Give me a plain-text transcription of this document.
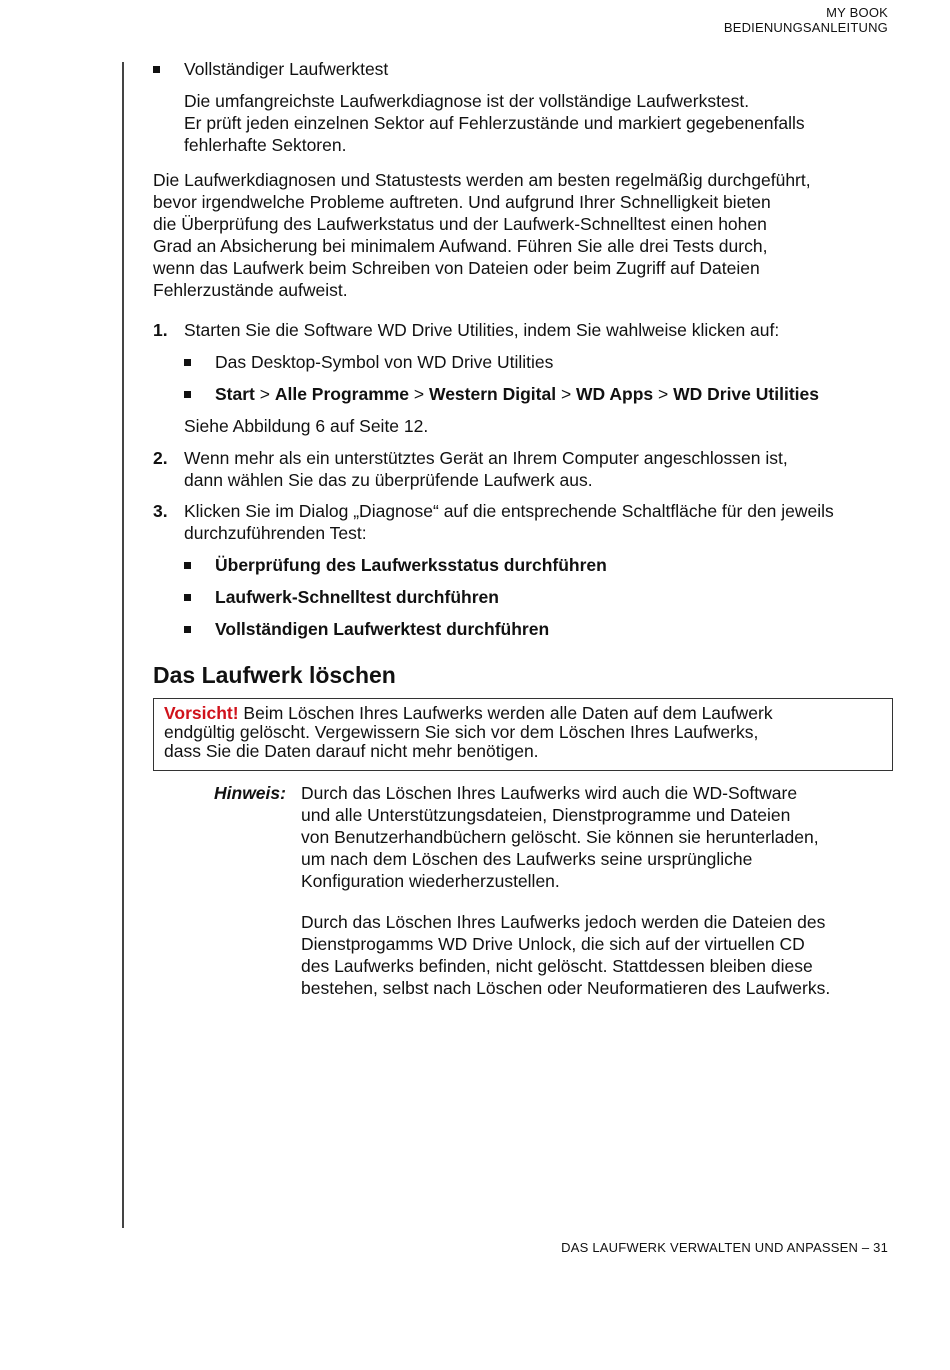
MY BOOK
BEDIENUNGSANLEITUNG

Vollständiger Laufwerktest

Die umfangreichste Laufwerkdiagnose ist der vollständige Laufwerkstest.

Er prüft jeden einzelnen Sektor auf Fehlerzustände und markiert gegebenenfalls

fehlerhafte Sektoren.

Die Laufwerkdiagnosen und Statustests werden am besten regelmäßig durchgeführt,

bevor irgendwelche Probleme auftreten. Und aufgrund Ihrer Schnelligkeit bieten

die Überprüfung des Laufwerkstatus und der Laufwerk-Schnelltest einen hohen

Grad an Absicherung bei minimalem Aufwand. Führen Sie alle drei Tests durch,

wenn das Laufwerk beim Schreiben von Dateien oder beim Zugriff auf Dateien

Fehlerzustände aufweist.

1. Starten Sie die Software WD Drive Utilities, indem Sie wahlweise klicken auf:

Das Desktop-Symbol von WD Drive Utilities

Start > Alle Programme > Western Digital > WD Apps > WD Drive Utilities

Siehe Abbildung 6 auf Seite 12.

2. Wenn mehr als ein unterstütztes Gerät an Ihrem Computer angeschlossen ist,

dann wählen Sie das zu überprüfende Laufwerk aus.

3. Klicken Sie im Dialog „Diagnose“ auf die entsprechende Schaltfläche für den jeweils

durchzuführenden Test:

Überprüfung des Laufwerksstatus durchführen

Laufwerk-Schnelltest durchführen

Vollständigen Laufwerktest durchführen

Das Laufwerk löschen

Vorsicht! Beim Löschen Ihres Laufwerks werden alle Daten auf dem Laufwerk

endgültig gelöscht. Vergewissern Sie sich vor dem Löschen Ihres Laufwerks,

dass Sie die Daten darauf nicht mehr benötigen.

Hinweis: Durch das Löschen Ihres Laufwerks wird auch die WD-Software

und alle Unterstützungsdateien, Dienstprogramme und Dateien

von Benutzerhandbüchern gelöscht. Sie können sie herunterladen,

um nach dem Löschen des Laufwerks seine ursprüngliche

Konfiguration wiederherzustellen.

Durch das Löschen Ihres Laufwerks jedoch werden die Dateien des

Dienstprogamms WD Drive Unlock, die sich auf der virtuellen CD

des Laufwerks befinden, nicht gelöscht. Stattdessen bleiben diese

bestehen, selbst nach Löschen oder Neuformatieren des Laufwerks.

DAS LAUFWERK VERWALTEN UND ANPASSEN – 31
